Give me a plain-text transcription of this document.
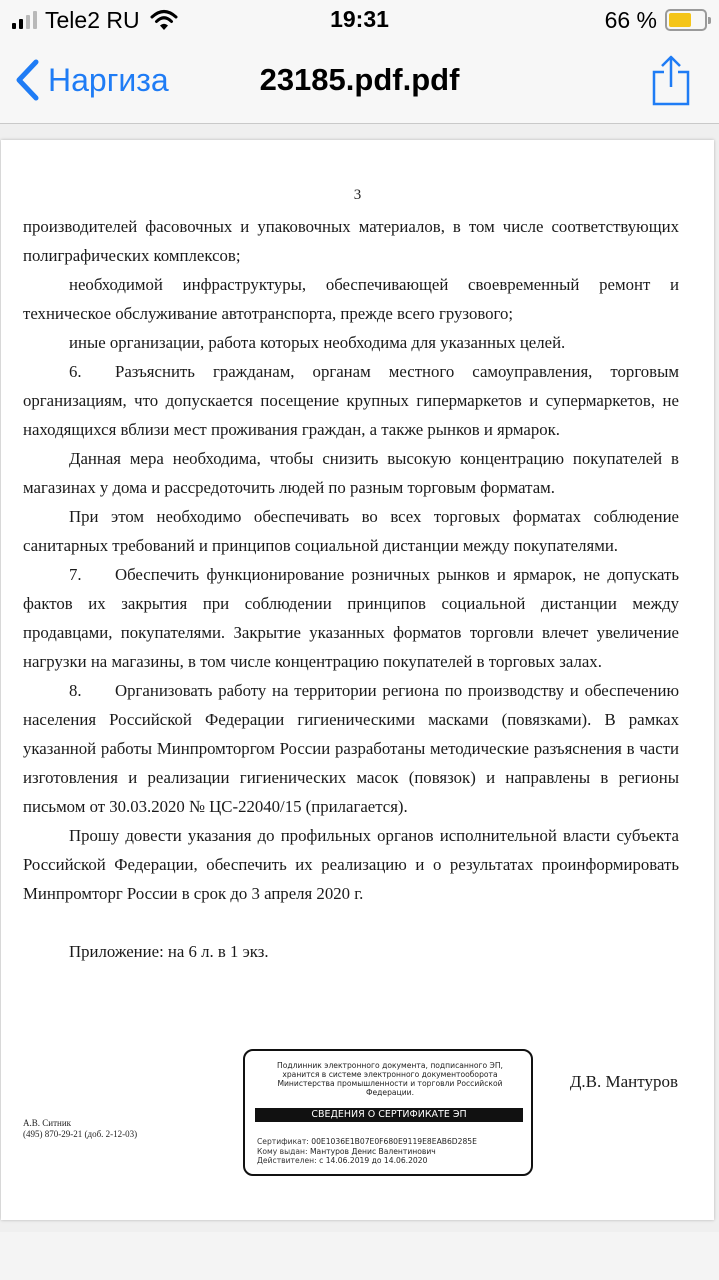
Tele2 RU	19:31	66 %
Наргиза	23185.pdf.pdf
3

производителей фасовочных и упаковочных материалов, в том числе соответствующих полиграфических комплексов;

необходимой инфраструктуры, обеспечивающей своевременный ремонт и техническое обслуживание автотранспорта, прежде всего грузового;

иные организации, работа которых необходима для указанных целей.

6. Разъяснить гражданам, органам местного самоуправления, торговым организациям, что допускается посещение крупных гипермаркетов и супермаркетов, не находящихся вблизи мест проживания граждан, а также рынков и ярмарок.

Данная мера необходима, чтобы снизить высокую концентрацию покупателей в магазинах у дома и рассредоточить людей по разным торговым форматам.

При этом необходимо обеспечивать во всех торговых форматах соблюдение санитарных требований и принципов социальной дистанции между покупателями.

7. Обеспечить функционирование розничных рынков и ярмарок, не допускать фактов их закрытия при соблюдении принципов социальной дистанции между продавцами, покупателями. Закрытие указанных форматов торговли влечет увеличение нагрузки на магазины, в том числе концентрацию покупателей в торговых залах.

8. Организовать работу на территории региона по производству и обеспечению населения Российской Федерации гигиеническими масками (повязками). В рамках указанной работы Минпромторгом России разработаны методические разъяснения в части изготовления и реализации гигиенических масок (повязок) и направлены в регионы письмом от 30.03.2020 № ЦС-22040/15 (прилагается).

Прошу довести указания до профильных органов исполнительной власти субъекта Российской Федерации, обеспечить их реализацию и о результатах проинформировать Минпромторг России в срок до 3 апреля 2020 г.

Приложение: на 6 л. в 1 экз.

Д.В. Мантуров
А.В. Ситник
(495) 870-29-21 (доб. 2-12-03)
Подлинник электронного документа, подписанного ЭП, хранится в системе электронного документооборота Министерства промышленности и торговли Российской Федерации.
СВЕДЕНИЯ О СЕРТИФИКАТЕ ЭП
Сертификат: 00E1036E1B07E0F680E9119E8EAB6D285E
Кому выдан: Мантуров Денис Валентинович
Действителен: с 14.06.2019 до 14.06.2020
